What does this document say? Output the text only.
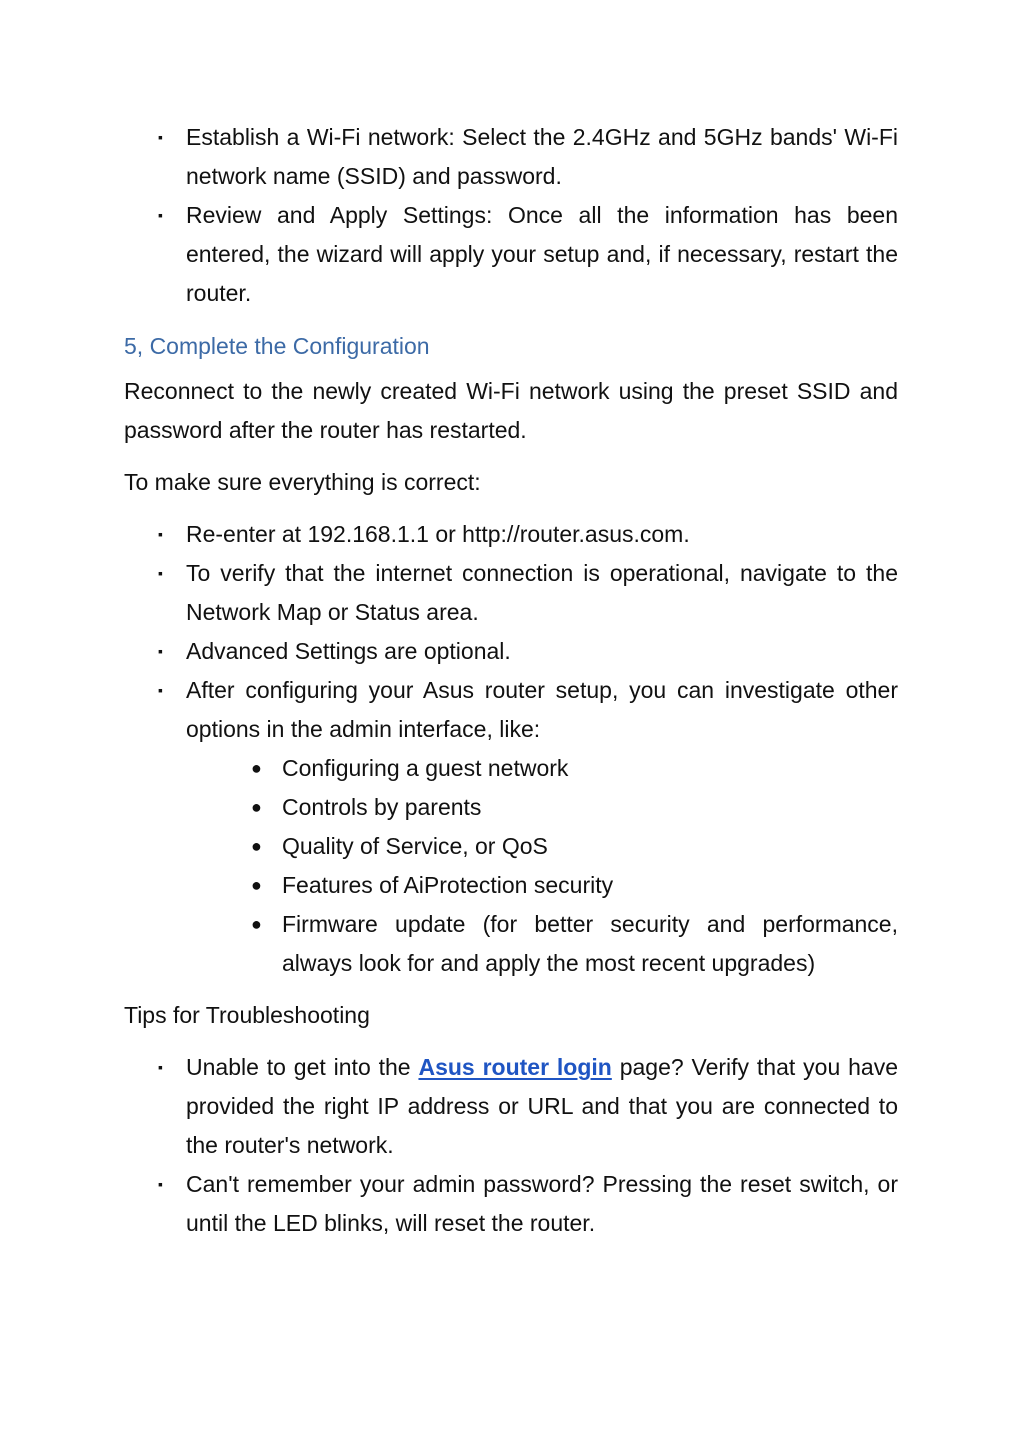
▪ Establish a Wi-Fi network: Select the 2.4GHz and 5GHz bands' Wi-Fi network name (SSID) and password.
▪ Review and Apply Settings: Once all the information has been entered, the wizard will apply your setup and, if necessary, restart the router.
5, Complete the Configuration

Reconnect to the newly created Wi-Fi network using the preset SSID and password after the router has restarted.

To make sure everything is correct:

▪ Re-enter at 192.168.1.1 or http://router.asus.com.
▪ To verify that the internet connection is operational, navigate to the Network Map or Status area.
▪ Advanced Settings are optional.
▪ After configuring your Asus router setup, you can investigate other options in the admin interface, like:
● Configuring a guest network
● Controls by parents
● Quality of Service, or QoS
● Features of AiProtection security
● Firmware update (for better security and performance, always look for and apply the most recent upgrades)

Tips for Troubleshooting

▪ Unable to get into the Asus router login page? Verify that you have provided the right IP address or URL and that you are connected to the router's network.
▪ Can't remember your admin password? Pressing the reset switch, or until the LED blinks, will reset the router.
